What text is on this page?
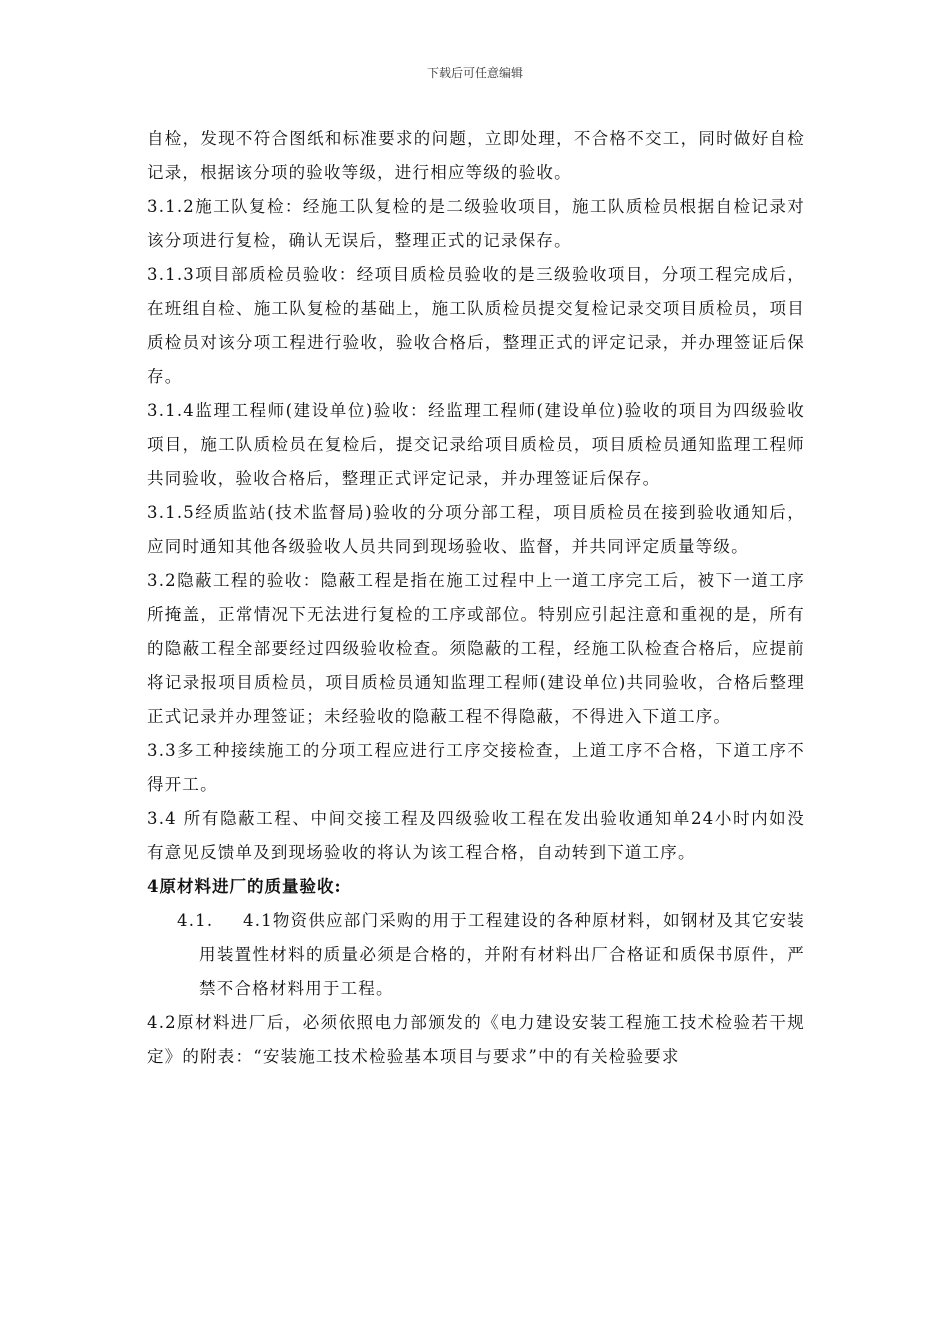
下载后可任意编辑

自检，发现不符合图纸和标准要求的问题，立即处理，不合格不交工，同时做好自检记录，根据该分项的验收等级，进行相应等级的验收。

3.1.2施工队复检：经施工队复检的是二级验收项目，施工队质检员根据自检记录对该分项进行复检，确认无误后，整理正式的记录保存。

3.1.3项目部质检员验收：经项目质检员验收的是三级验收项目，分项工程完成后，在班组自检、施工队复检的基础上，施工队质检员提交复检记录交项目质检员，项目质检员对该分项工程进行验收，验收合格后，整理正式的评定记录，并办理签证后保存。

3.1.4监理工程师(建设单位)验收：经监理工程师(建设单位)验收的项目为四级验收项目，施工队质检员在复检后，提交记录给项目质检员，项目质检员通知监理工程师共同验收，验收合格后，整理正式评定记录，并办理签证后保存。

3.1.5经质监站(技术监督局)验收的分项分部工程，项目质检员在接到验收通知后，应同时通知其他各级验收人员共同到现场验收、监督，并共同评定质量等级。

3.2隐蔽工程的验收：隐蔽工程是指在施工过程中上一道工序完工后，被下一道工序所掩盖，正常情况下无法进行复检的工序或部位。特别应引起注意和重视的是，所有的隐蔽工程全部要经过四级验收检查。须隐蔽的工程，经施工队检查合格后，应提前将记录报项目质检员，项目质检员通知监理工程师(建设单位)共同验收，合格后整理正式记录并办理签证；未经验收的隐蔽工程不得隐蔽，不得进入下道工序。

3.3多工种接续施工的分项工程应进行工序交接检查，上道工序不合格，下道工序不得开工。

3.4 所有隐蔽工程、中间交接工程及四级验收工程在发出验收通知单24小时内如没有意见反馈单及到现场验收的将认为该工程合格，自动转到下道工序。

4原材料进厂的质量验收:

4.1.	4.1物资供应部门采购的用于工程建设的各种原材料，如钢材及其它安装用装置性材料的质量必须是合格的，并附有材料出厂合格证和质保书原件，严禁不合格材料用于工程。

4.2原材料进厂后，必须依照电力部颁发的《电力建设安装工程施工技术检验若干规定》的附表：“安装施工技术检验基本项目与要求”中的有关检验要求
